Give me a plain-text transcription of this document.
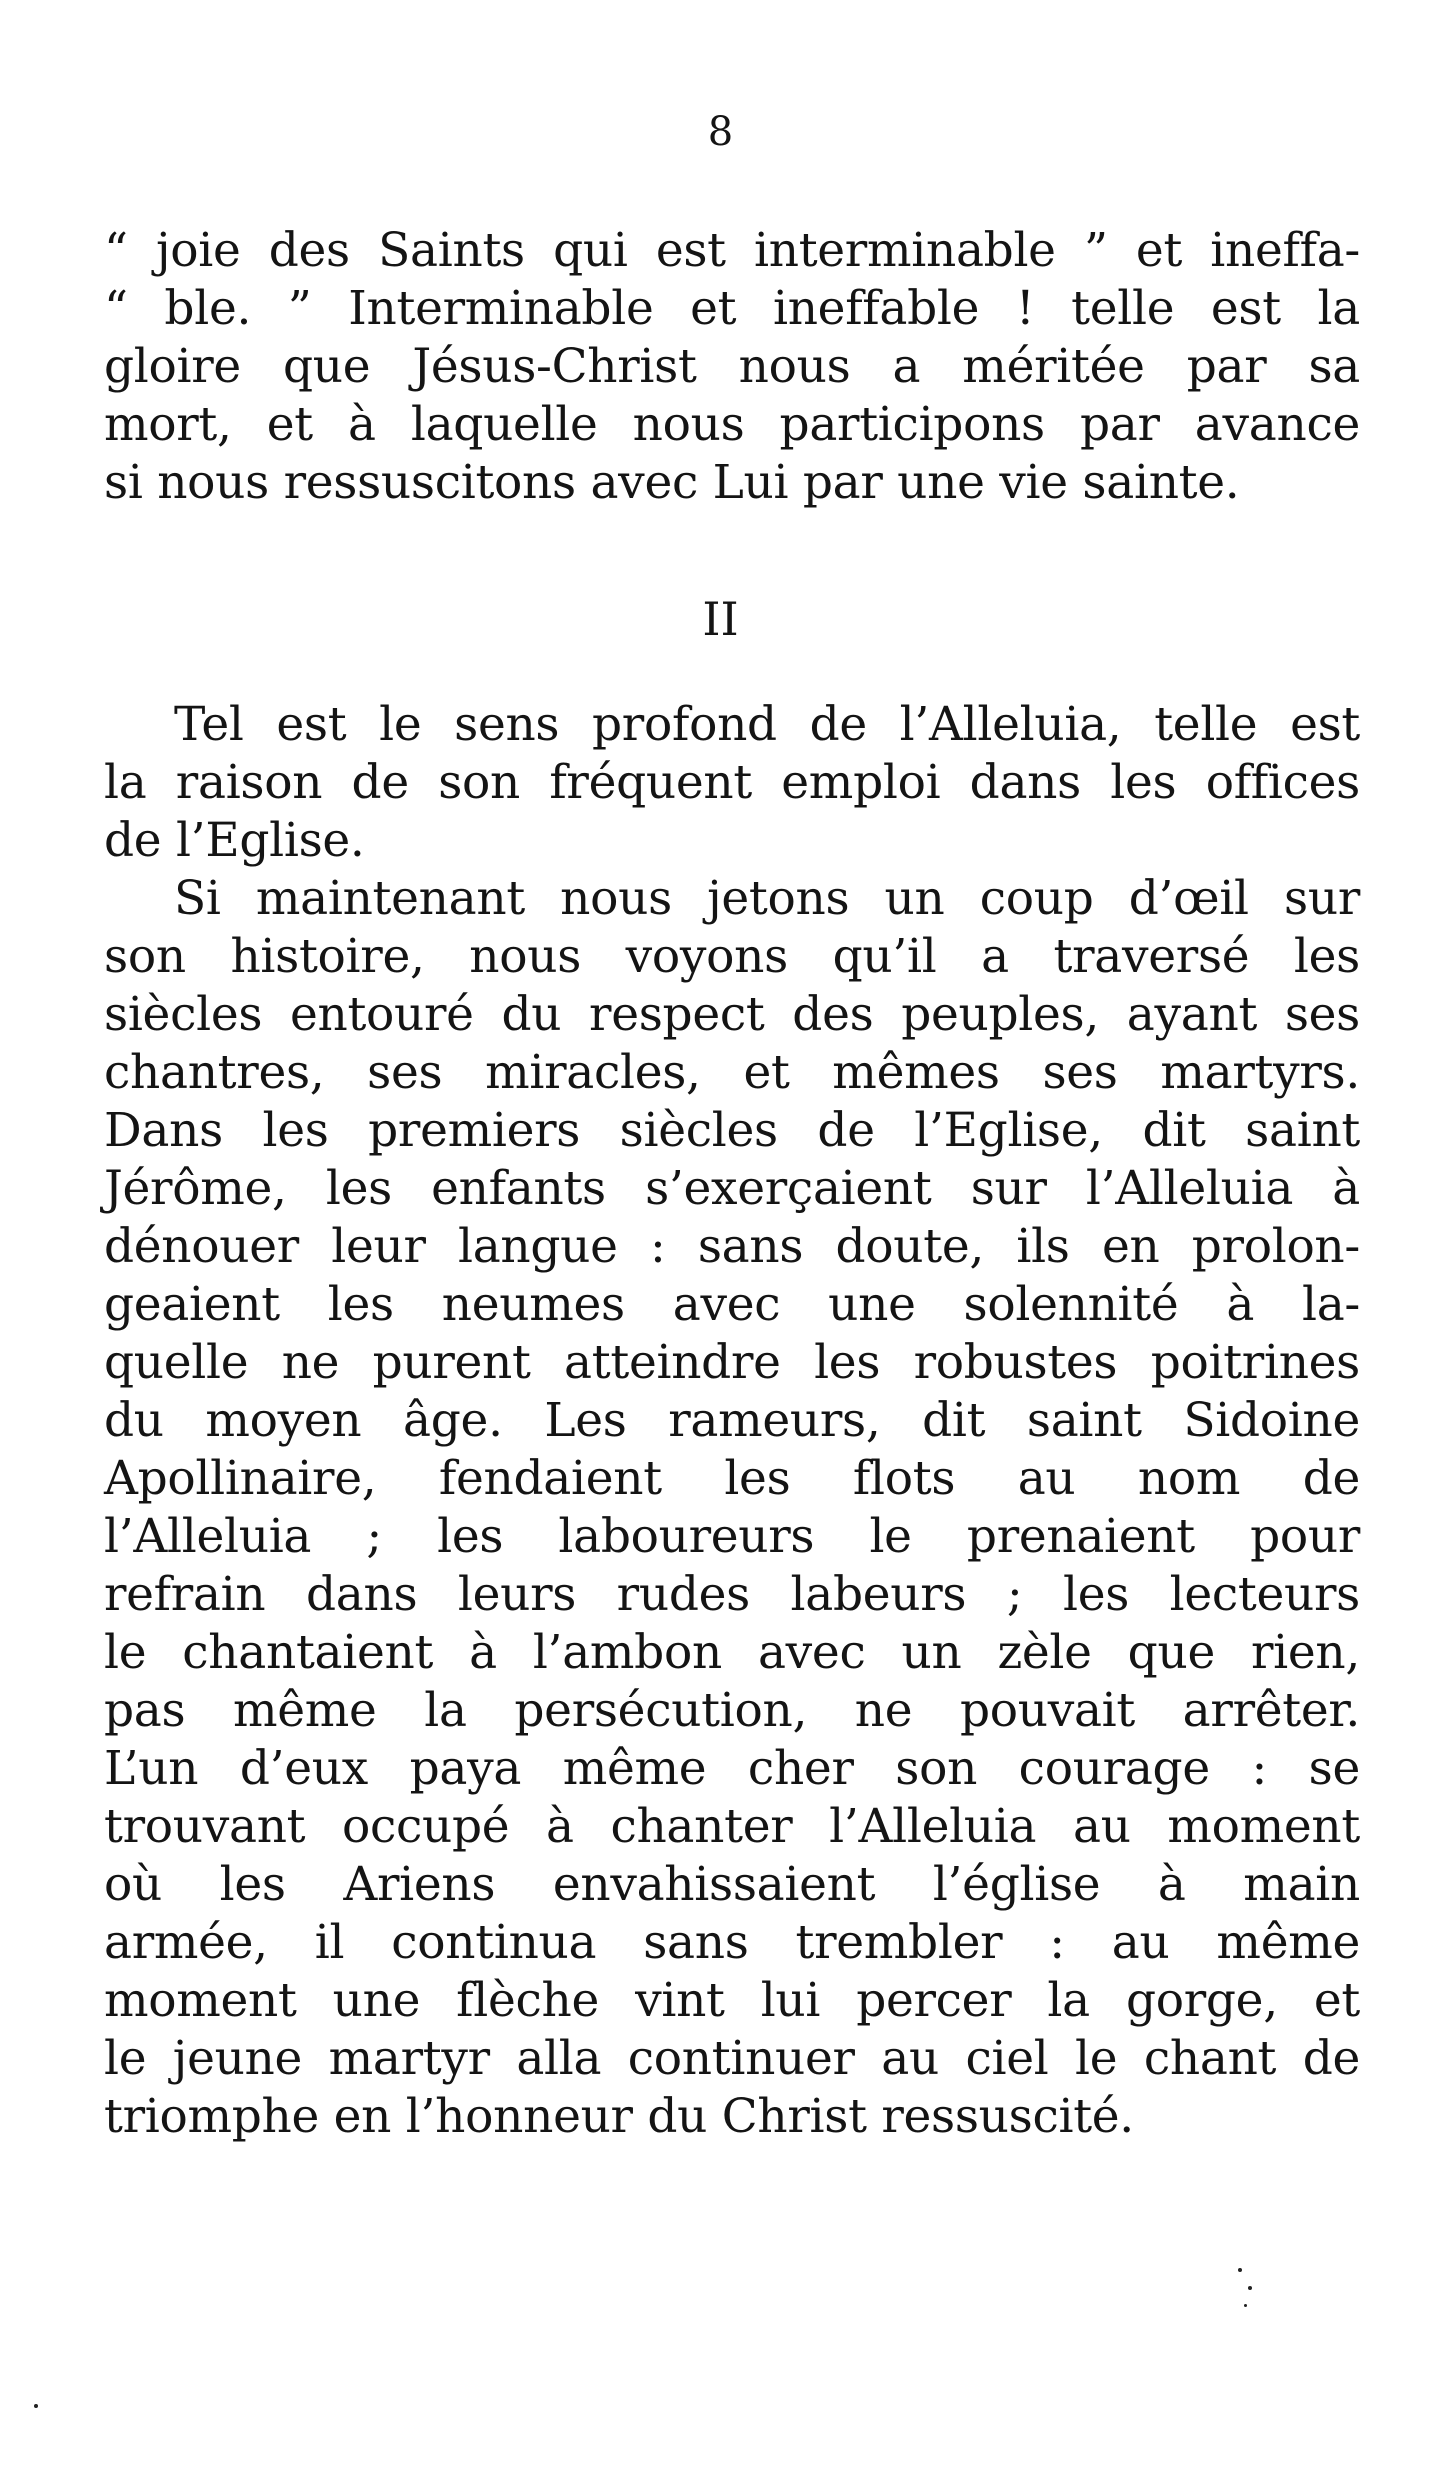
8
“ joie des Saints qui est interminable ” et ineffa-
“ ble. ” Interminable et ineffable ! telle est la
gloire que Jésus-Christ nous a méritée par sa
mort, et à laquelle nous participons par avance
si nous ressuscitons avec Lui par une vie sainte.
II
Tel est le sens profond de l’Alleluia, telle est
la raison de son fréquent emploi dans les offices
de l’Eglise.
Si maintenant nous jetons un coup d’œil sur
son histoire, nous voyons qu’il a traversé les
siècles entouré du respect des peuples, ayant ses
chantres, ses miracles, et mêmes ses martyrs.
Dans les premiers siècles de l’Eglise, dit saint
Jérôme, les enfants s’exerçaient sur l’Alleluia à
dénouer leur langue : sans doute, ils en prolon-
geaient les neumes avec une solennité à la-
quelle ne purent atteindre les robustes poitrines
du moyen âge. Les rameurs, dit saint Sidoine
Apollinaire, fendaient les flots au nom de
l’Alleluia ; les laboureurs le prenaient pour
refrain dans leurs rudes labeurs ; les lecteurs
le chantaient à l’ambon avec un zèle que rien,
pas même la persécution, ne pouvait arrêter.
L’un d’eux paya même cher son courage : se
trouvant occupé à chanter l’Alleluia au moment
où les Ariens envahissaient l’église à main
armée, il continua sans trembler : au même
moment une flèche vint lui percer la gorge, et
le jeune martyr alla continuer au ciel le chant de
triomphe en l’honneur du Christ ressuscité.
